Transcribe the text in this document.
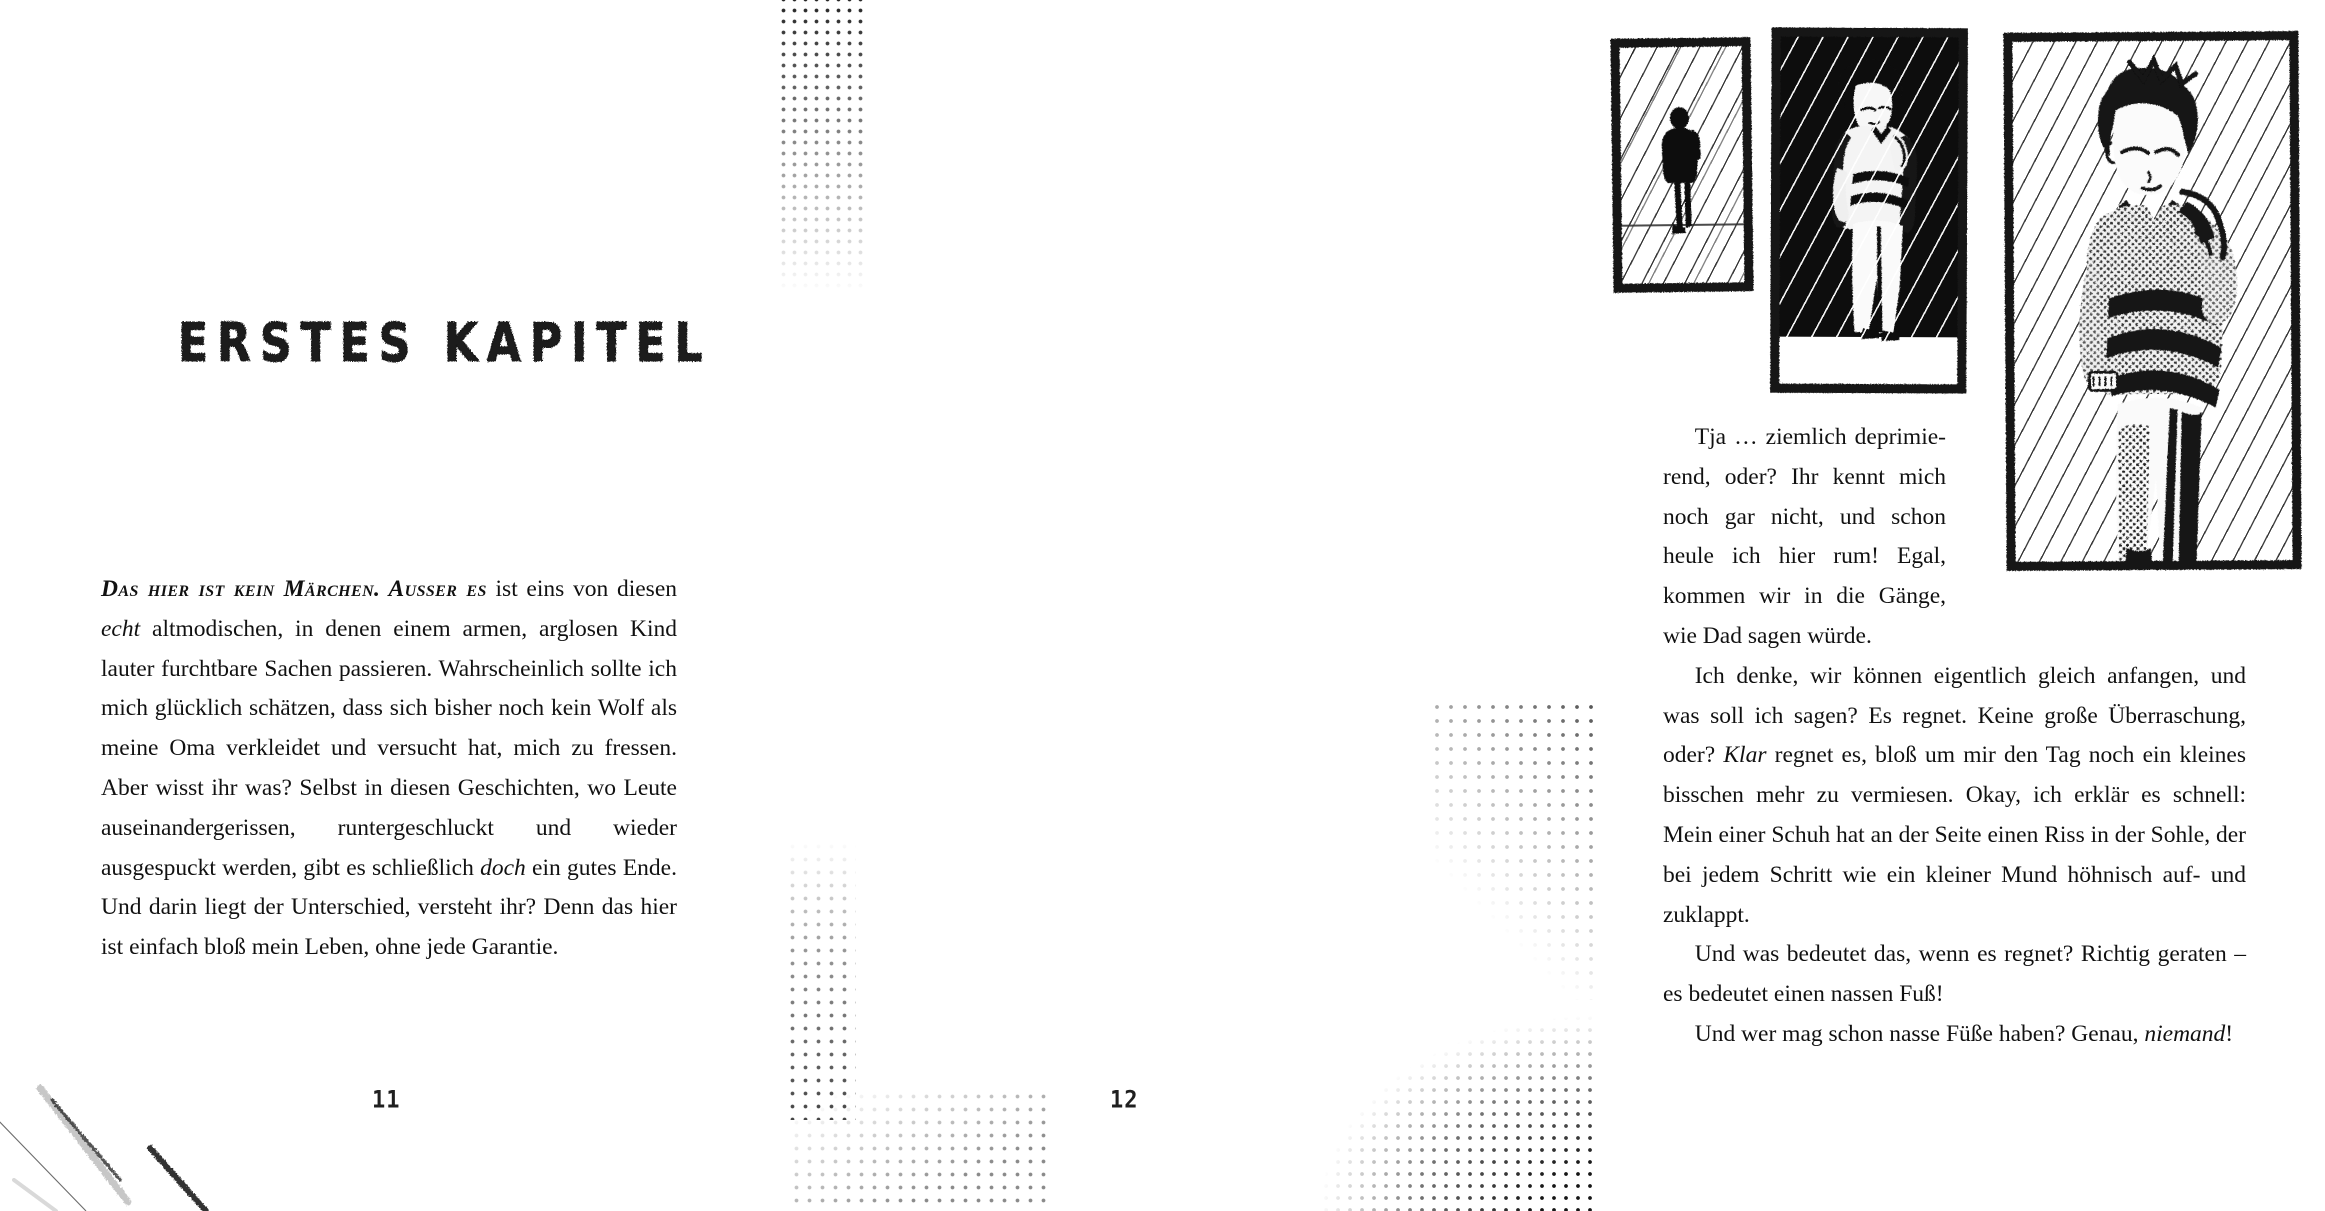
ERSTES KAPITEL

Das hier ist kein Märchen. Ausser es ist eins von diesen echt altmodischen, in denen einem armen, arglosen Kind lauter furchtbare Sachen passieren. Wahrscheinlich sollte ich mich glücklich schätzen, dass sich bisher noch kein Wolf als meine Oma verkleidet und versucht hat, mich zu fressen. Aber wisst ihr was? Selbst in diesen Geschichten, wo Leute auseinandergerissen, runtergeschluckt und wieder ausgespuckt werden, gibt es schließlich doch ein gutes Ende. Und darin liegt der Unterschied, versteht ihr? Denn das hier ist einfach bloß mein Leben, ohne jede Garantie.

11

Tja … ziemlich deprimierend, oder? Ihr kennt mich noch gar nicht, und schon heule ich hier rum! Egal, kommen wir in die Gänge, wie Dad sagen würde.

Ich denke, wir können eigentlich gleich anfangen, und was soll ich sagen? Es regnet. Keine große Überraschung, oder? Klar regnet es, bloß um mir den Tag noch ein kleines bisschen mehr zu vermiesen. Okay, ich erklär es schnell: Mein einer Schuh hat an der Seite einen Riss in der Sohle, der bei jedem Schritt wie ein kleiner Mund höhnisch auf- und zuklappt.

Und was bedeutet das, wenn es regnet? Richtig geraten – es bedeutet einen nassen Fuß!

Und wer mag schon nasse Füße haben? Genau, niemand!

12
